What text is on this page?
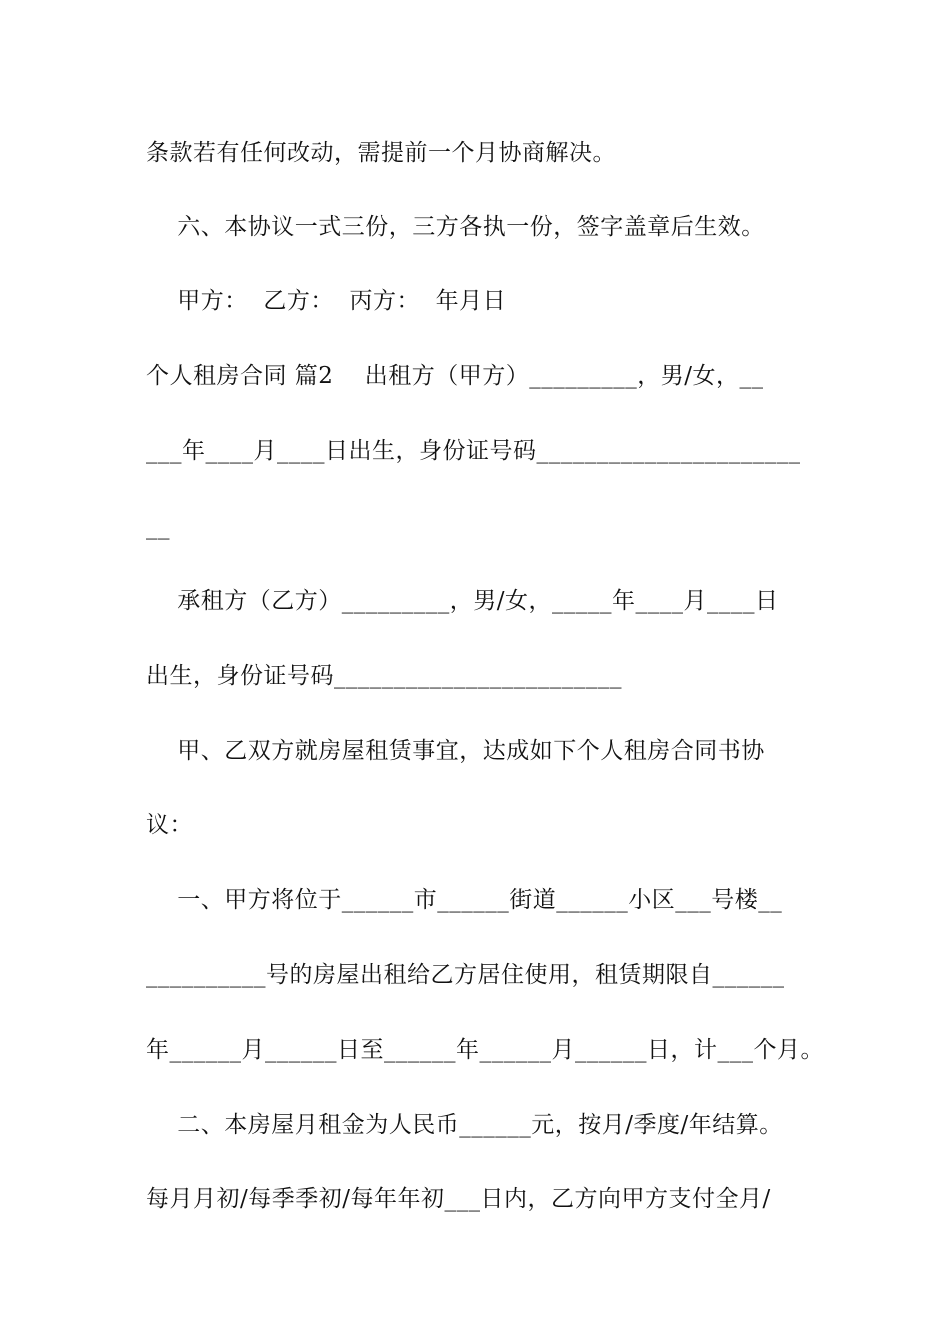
条款若有任何改动，需提前一个月协商解决。
六、本协议一式三份，三方各执一份，签字盖章后生效。
甲方：  乙方：  丙方：  年月日
个人租房合同 篇2    出租方（甲方）_________，男/女，__
___年____月____日出生，身份证号码______________________
__
承租方（乙方）_________，男/女，_____年____月____日
出生，身份证号码________________________
甲、乙双方就房屋租赁事宜，达成如下个人租房合同书协
议：
一、甲方将位于______市______街道______小区___号楼__
__________号的房屋出租给乙方居住使用，租赁期限自______
年______月______日至______年______月______日，计___个月。
二、本房屋月租金为人民币______元，按月/季度/年结算。
每月月初/每季季初/每年年初___日内，乙方向甲方支付全月/
